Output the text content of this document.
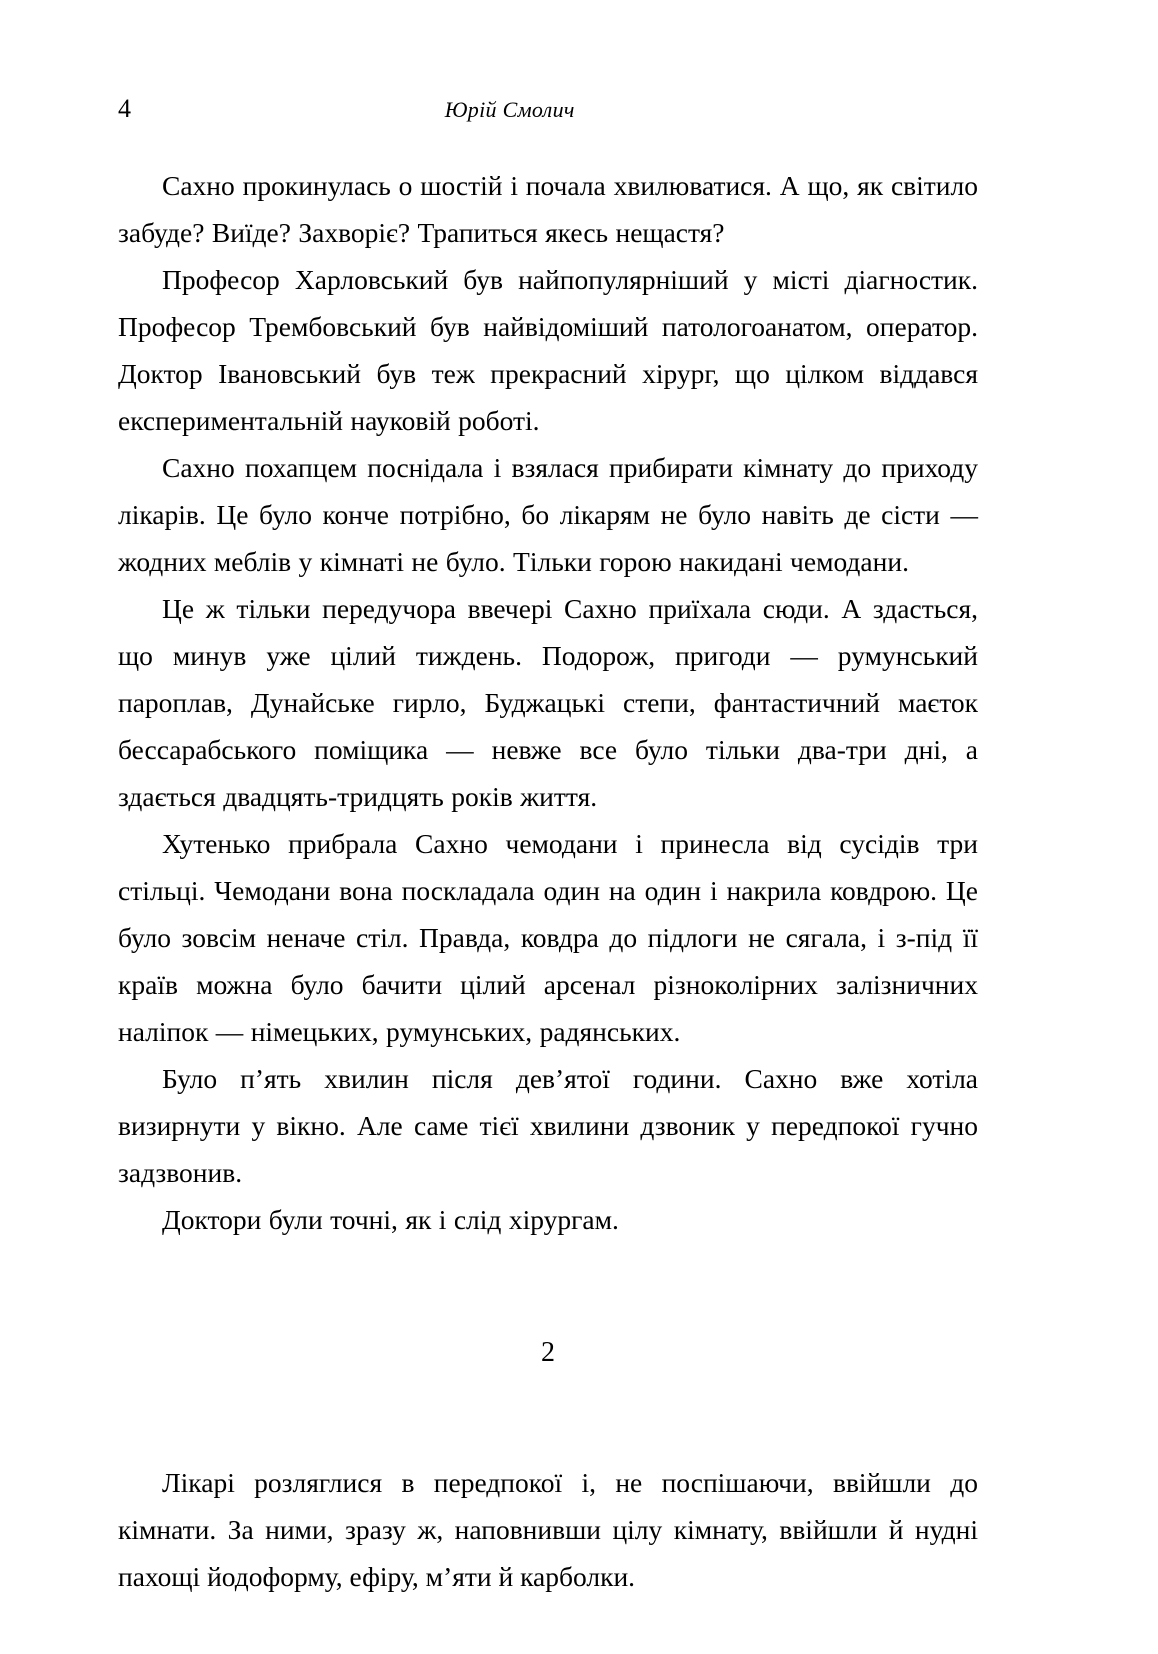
4	Юрій Смолич

Сахно прокинулась о шостій і почала хвилюватися. А що, як світило забуде? Виїде? Захворіє? Трапиться якесь нещастя?

Професор Харловський був найпопулярніший у місті діагностик. Професор Трембовський був найвідоміший патологоанатом, оператор. Доктор Івановський був теж прекрасний хірург, що цілком віддався експериментальній науковій роботі.

Сахно похапцем поснідала і взялася прибирати кімнату до приходу лікарів. Це було конче потрібно, бо лікарям не було навіть де сісти — жодних меблів у кімнаті не було. Тільки горою накидані чемодани.

Це ж тільки передучора ввечері Сахно приїхала сюди. А здасться, що минув уже цілий тиждень. Подорож, пригоди — румунський пароплав, Дунайське гирло, Буджацькі степи, фантастичний маєток бессарабського поміщика — невже все було тільки два-три дні, а здається двадцять-тридцять років життя.

Хутенько прибрала Сахно чемодани і принесла від сусідів три стільці. Чемодани вона поскладала один на один і накрила ковдрою. Це було зовсім неначе стіл. Правда, ковдра до підлоги не сягала, і з-під її країв можна було бачити цілий арсенал різноколірних залізничних наліпок — німецьких, румунських, радянських.

Було п’ять хвилин після дев’ятої години. Сахно вже хотіла визирнути у вікно. Але саме тієї хвилини дзвоник у передпокої гучно задзвонив.

Доктори були точні, як і слід хірургам.

2

Лікарі розляглися в передпокої і, не поспішаючи, ввійшли до кімнати. За ними, зразу ж, наповнивши цілу кімнату, ввійшли й нудні пахощі йодоформу, ефіру, м’яти й карболки.
